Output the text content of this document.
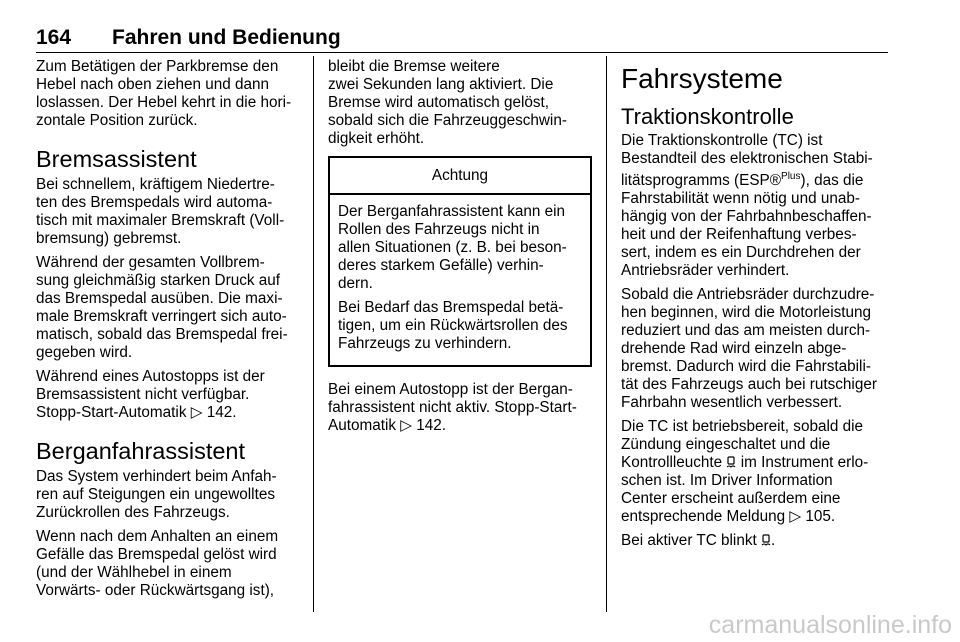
164 Fahren und Bedienung

Zum Betätigen der Parkbremse den
Hebel nach oben ziehen und dann
loslassen. Der Hebel kehrt in die hori-
zontale Position zurück.

Bremsassistent

Bei schnellem, kräftigem Niedertre-
ten des Bremspedals wird automa-
tisch mit maximaler Bremskraft (Voll-
bremsung) gebremst.

Während der gesamten Vollbrem-
sung gleichmäßig starken Druck auf
das Bremspedal ausüben. Die maxi-
male Bremskraft verringert sich auto-
matisch, sobald das Bremspedal frei-
gegeben wird.

Während eines Autostopps ist der
Bremsassistent nicht verfügbar.
Stopp-Start-Automatik ▷ 142.

Berganfahrassistent

Das System verhindert beim Anfah-
ren auf Steigungen ein ungewolltes
Zurückrollen des Fahrzeugs.

Wenn nach dem Anhalten an einem
Gefälle das Bremspedal gelöst wird
(und der Wählhebel in einem
Vorwärts- oder Rückwärtsgang ist),

bleibt die Bremse weitere
zwei Sekunden lang aktiviert. Die
Bremse wird automatisch gelöst,
sobald sich die Fahrzeuggeschwin-
digkeit erhöht.

Achtung

Der Berganfahrassistent kann ein
Rollen des Fahrzeugs nicht in
allen Situationen (z. B. bei beson-
deres starkem Gefälle) verhin-
dern.

Bei Bedarf das Bremspedal betä-
tigen, um ein Rückwärtsrollen des
Fahrzeugs zu verhindern.

Bei einem Autostopp ist der Bergan-
fahrassistent nicht aktiv. Stopp-Start-
Automatik ▷ 142.

Fahrsysteme
Traktionskontrolle

Die Traktionskontrolle (TC) ist
Bestandteil des elektronischen Stabi-
litätsprogramms (ESP®$^{Plus}$), das die
Fahrstabilität wenn nötig und unab-
hängig von der Fahrbahnbeschaffen-
heit und der Reifenhaftung verbes-
sert, indem es ein Durchdrehen der
Antriebsräder verhindert.

Sobald die Antriebsräder durchzudre-
hen beginnen, wird die Motorleistung
reduziert und das am meisten durch-
drehende Rad wird einzeln abge-
bremst. Dadurch wird die Fahrstabili-
tät des Fahrzeugs auch bei rutschiger
Fahrbahn wesentlich verbessert.

Die TC ist betriebsbereit, sobald die
Zündung eingeschaltet und die
Kontrollleuchte im Instrument erlo-
schen ist. Im Driver Information
Center erscheint außerdem eine
entsprechende Meldung ▷ 105.

Bei aktiver TC blinkt .

carmanualsonline.info
